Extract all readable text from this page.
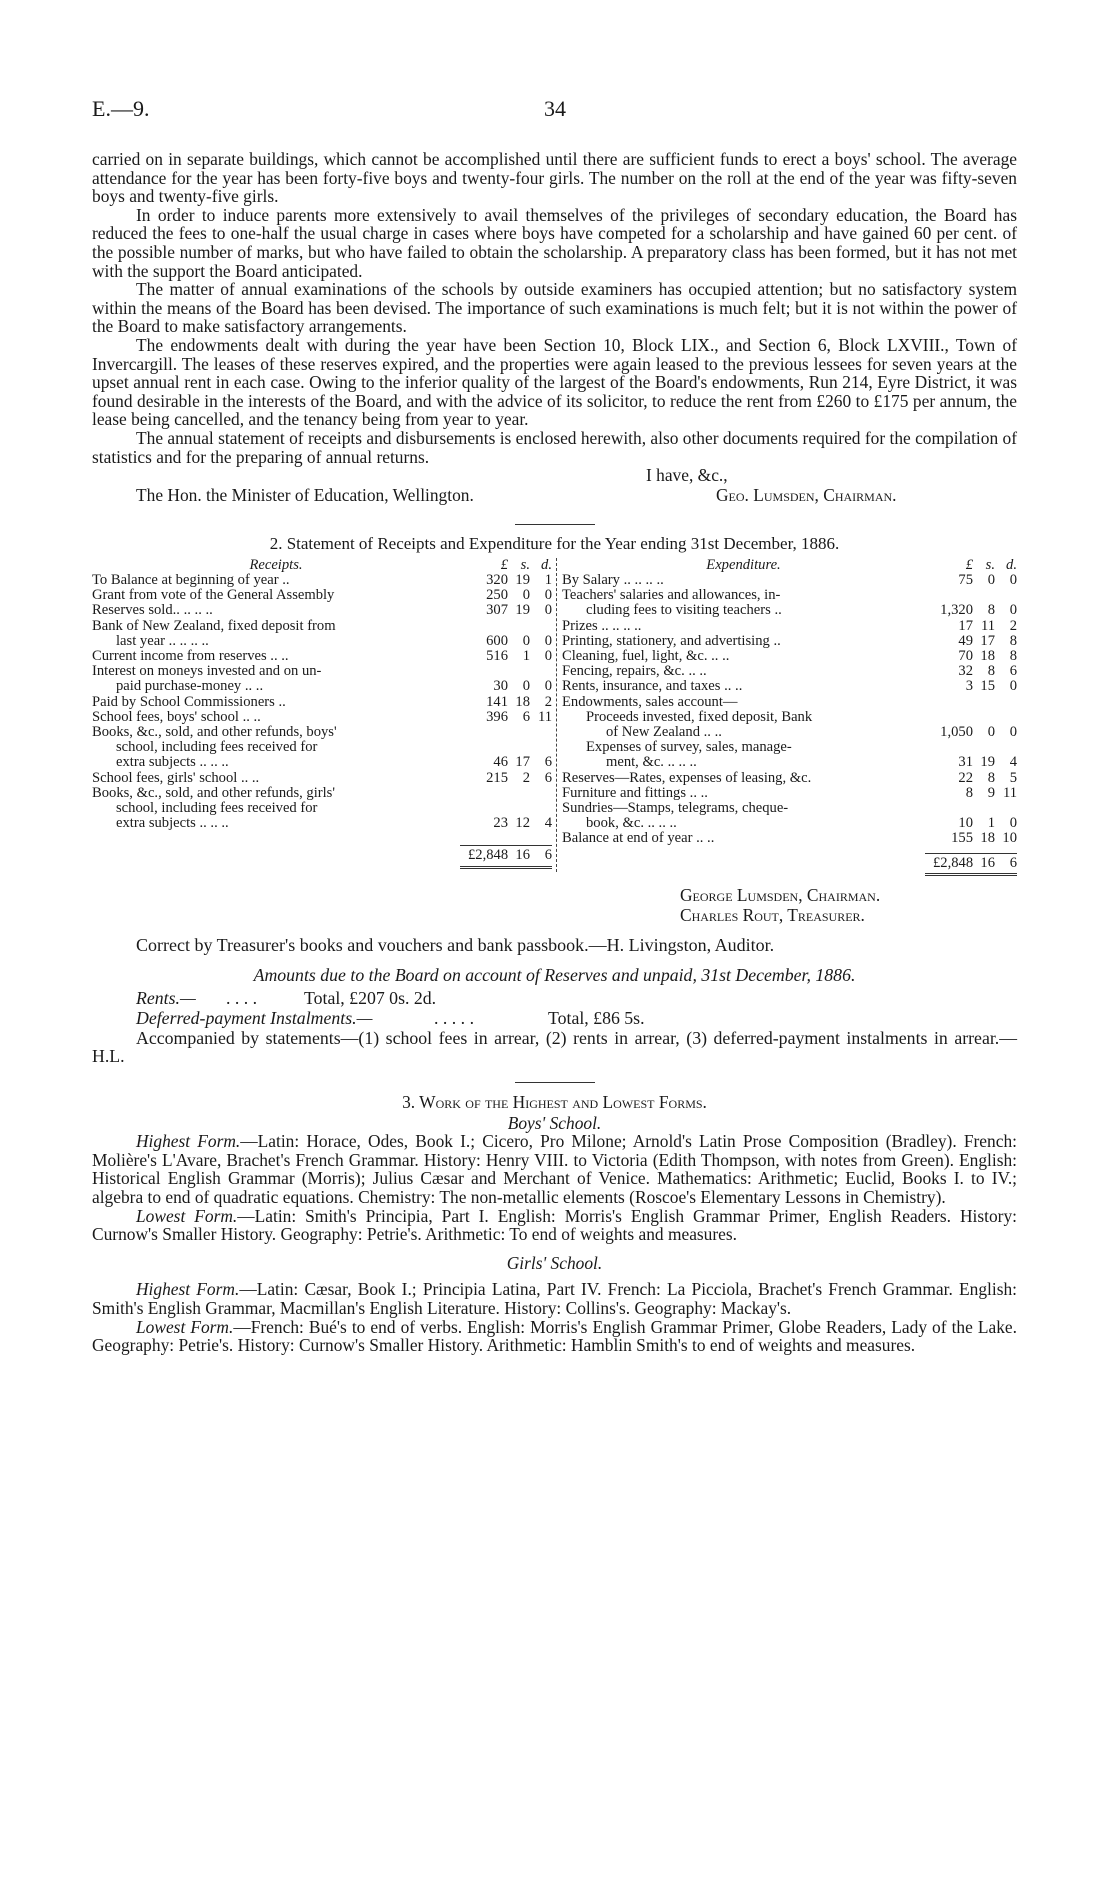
E.—9.	34

carried on in separate buildings, which cannot be accomplished until there are sufficient funds to erect a boys' school. The average attendance for the year has been forty-five boys and twenty-four girls. The number on the roll at the end of the year was fifty-seven boys and twenty-five girls.

In order to induce parents more extensively to avail themselves of the privileges of secondary education, the Board has reduced the fees to one-half the usual charge in cases where boys have competed for a scholarship and have gained 60 per cent. of the possible number of marks, but who have failed to obtain the scholarship. A preparatory class has been formed, but it has not met with the support the Board anticipated.

The matter of annual examinations of the schools by outside examiners has occupied attention; but no satisfactory system within the means of the Board has been devised. The importance of such examinations is much felt; but it is not within the power of the Board to make satisfactory arrangements.

The endowments dealt with during the year have been Section 10, Block LIX., and Section 6, Block LXVIII., Town of Invercargill. The leases of these reserves expired, and the properties were again leased to the previous lessees for seven years at the upset annual rent in each case. Owing to the inferior quality of the largest of the Board's endowments, Run 214, Eyre District, it was found desirable in the interests of the Board, and with the advice of its solicitor, to reduce the rent from £260 to £175 per annum, the lease being cancelled, and the tenancy being from year to year.

The annual statement of receipts and disbursements is enclosed herewith, also other documents required for the compilation of statistics and for the preparing of annual returns.

I have, &c.,
The Hon. the Minister of Education, Wellington.	Geo. Lumsden, Chairman.
2. Statement of Receipts and Expenditure for the Year ending 31st December, 1886.
Receipts.	£ s. d.
To Balance at beginning of year ..	320 19	1
Grant from vote of the General Assembly	250	0	0
Reserves sold.. .. .. ..	307 19	0
Bank of New Zealand, fixed deposit from
last year .. .. .. ..	600	0	0
Current income from reserves .. ..	516	1	0
Interest on moneys invested and on un-
paid purchase-money .. ..	30	0	0
Paid by School Commissioners ..	141 18	2
School fees, boys' school .. ..	396	6 11
Books, &c., sold, and other refunds, boys'
school, including fees received for
extra subjects .. .. ..	46 17	6
School fees, girls' school .. ..	215	2	6
Books, &c., sold, and other refunds, girls'
school, including fees received for
extra subjects .. .. ..	23 12	4
£2,848 16	6
Expenditure.	£ s. d.
By Salary .. .. .. ..	75	0	0
Teachers' salaries and allowances, in-
cluding fees to visiting teachers ..	1,320	8	0
Prizes .. .. .. ..	17 11	2
Printing, stationery, and advertising ..	49 17	8
Cleaning, fuel, light, &c. .. ..	70 18	8
Fencing, repairs, &c. .. ..	32	8	6
Rents, insurance, and taxes .. ..	3 15	0
Endowments, sales account—
Proceeds invested, fixed deposit, Bank
of New Zealand .. ..	1,050	0	0
Expenses of survey, sales, manage-
ment, &c. .. .. ..	31 19	4
Reserves—Rates, expenses of leasing, &c.	22	8	5
Furniture and fittings .. ..	8	9 11
Sundries—Stamps, telegrams, cheque-
book, &c. .. .. ..	10	1	0
Balance at end of year .. ..	155 18 10
£2,848 16	6
George Lumsden, Chairman.
Charles Rout, Treasurer.

Correct by Treasurer's books and vouchers and bank passbook.—H. Livingston, Auditor.

Amounts due to the Board on account of Reserves and unpaid, 31st December, 1886.
Rents.— . . . .	Total, £207 0s. 2d.
Deferred-payment Instalments.—	. . . . .	Total, £86 5s.

Accompanied by statements—(1) school fees in arrear, (2) rents in arrear, (3) deferred-payment instalments in arrear.—H.L.

3. Work of the Highest and Lowest Forms.
Boys' School.

Highest Form.—Latin: Horace, Odes, Book I.; Cicero, Pro Milone; Arnold's Latin Prose Composition (Bradley). French: Molière's L'Avare, Brachet's French Grammar. History: Henry VIII. to Victoria (Edith Thompson, with notes from Green). English: Historical English Grammar (Morris); Julius Cæsar and Merchant of Venice. Mathematics: Arithmetic; Euclid, Books I. to IV.; algebra to end of quadratic equations. Chemistry: The non-metallic elements (Roscoe's Elementary Lessons in Chemistry).

Lowest Form.—Latin: Smith's Principia, Part I. English: Morris's English Grammar Primer, English Readers. History: Curnow's Smaller History. Geography: Petrie's. Arithmetic: To end of weights and measures.

Girls' School.

Highest Form.—Latin: Cæsar, Book I.; Principia Latina, Part IV. French: La Picciola, Brachet's French Grammar. English: Smith's English Grammar, Macmillan's English Literature. History: Collins's. Geography: Mackay's.

Lowest Form.—French: Bué's to end of verbs. English: Morris's English Grammar Primer, Globe Readers, Lady of the Lake. Geography: Petrie's. History: Curnow's Smaller History. Arithmetic: Hamblin Smith's to end of weights and measures.
